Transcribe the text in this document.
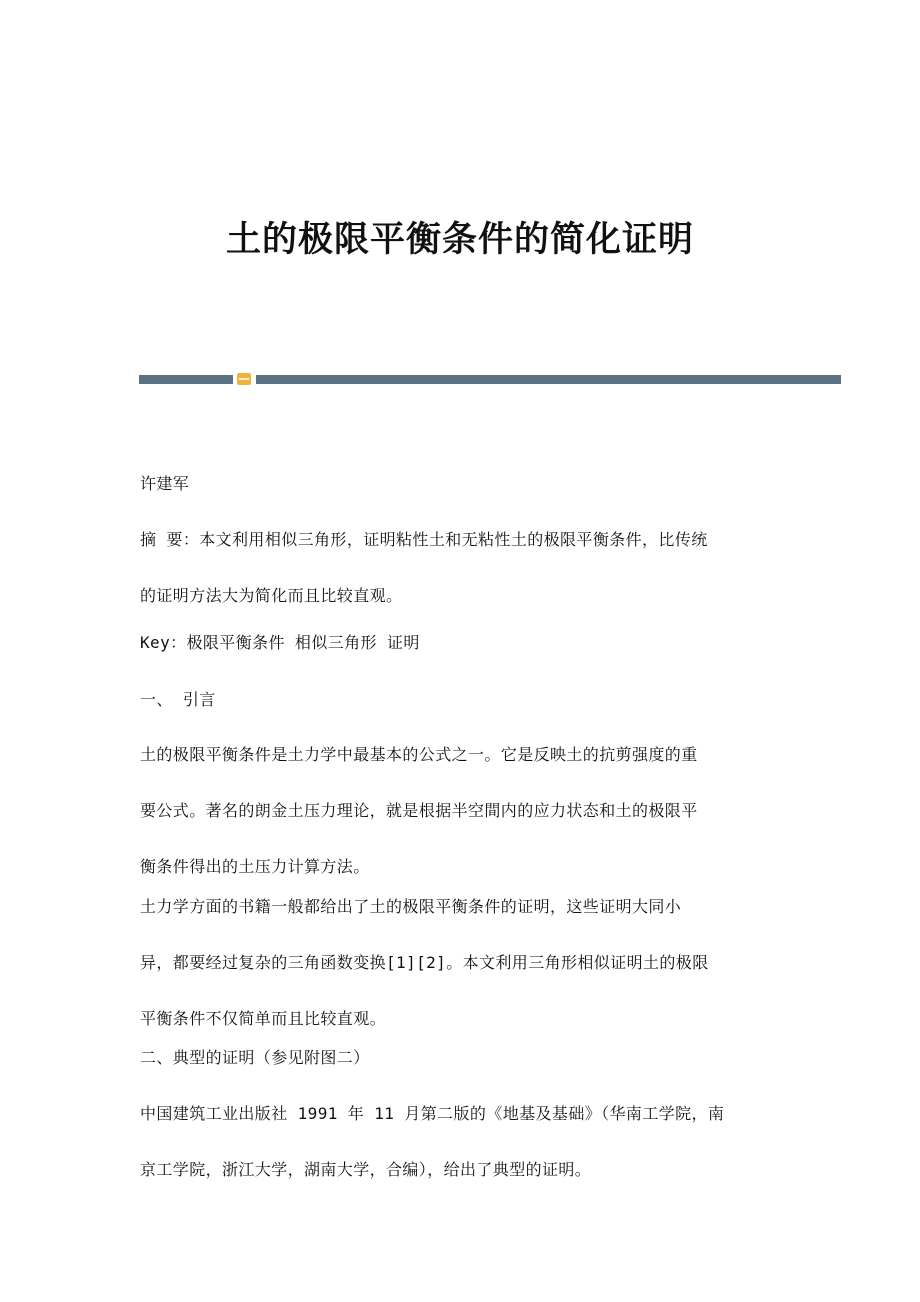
土的极限平衡条件的简化证明

许建军

摘 要：本文利用相似三角形，证明粘性土和无粘性土的极限平衡条件，比传统
的证明方法大为简化而且比较直观。

Key：极限平衡条件 相似三角形 证明

一、 引言

土的极限平衡条件是土力学中最基本的公式之一。它是反映土的抗剪强度的重
要公式。著名的朗金土压力理论，就是根据半空間内的应力状态和土的极限平
衡条件得出的土压力计算方法。

土力学方面的书籍一般都给出了土的极限平衡条件的证明，这些证明大同小
异，都要经过复杂的三角函数变换[1][2]。本文利用三角形相似证明土的极限
平衡条件不仅简单而且比较直观。

二、典型的证明（参见附图二）

中国建筑工业出版社 1991 年 11 月第二版的《地基及基础》（华南工学院，南
京工学院，浙江大学，湖南大学，合编），给出了典型的证明。
